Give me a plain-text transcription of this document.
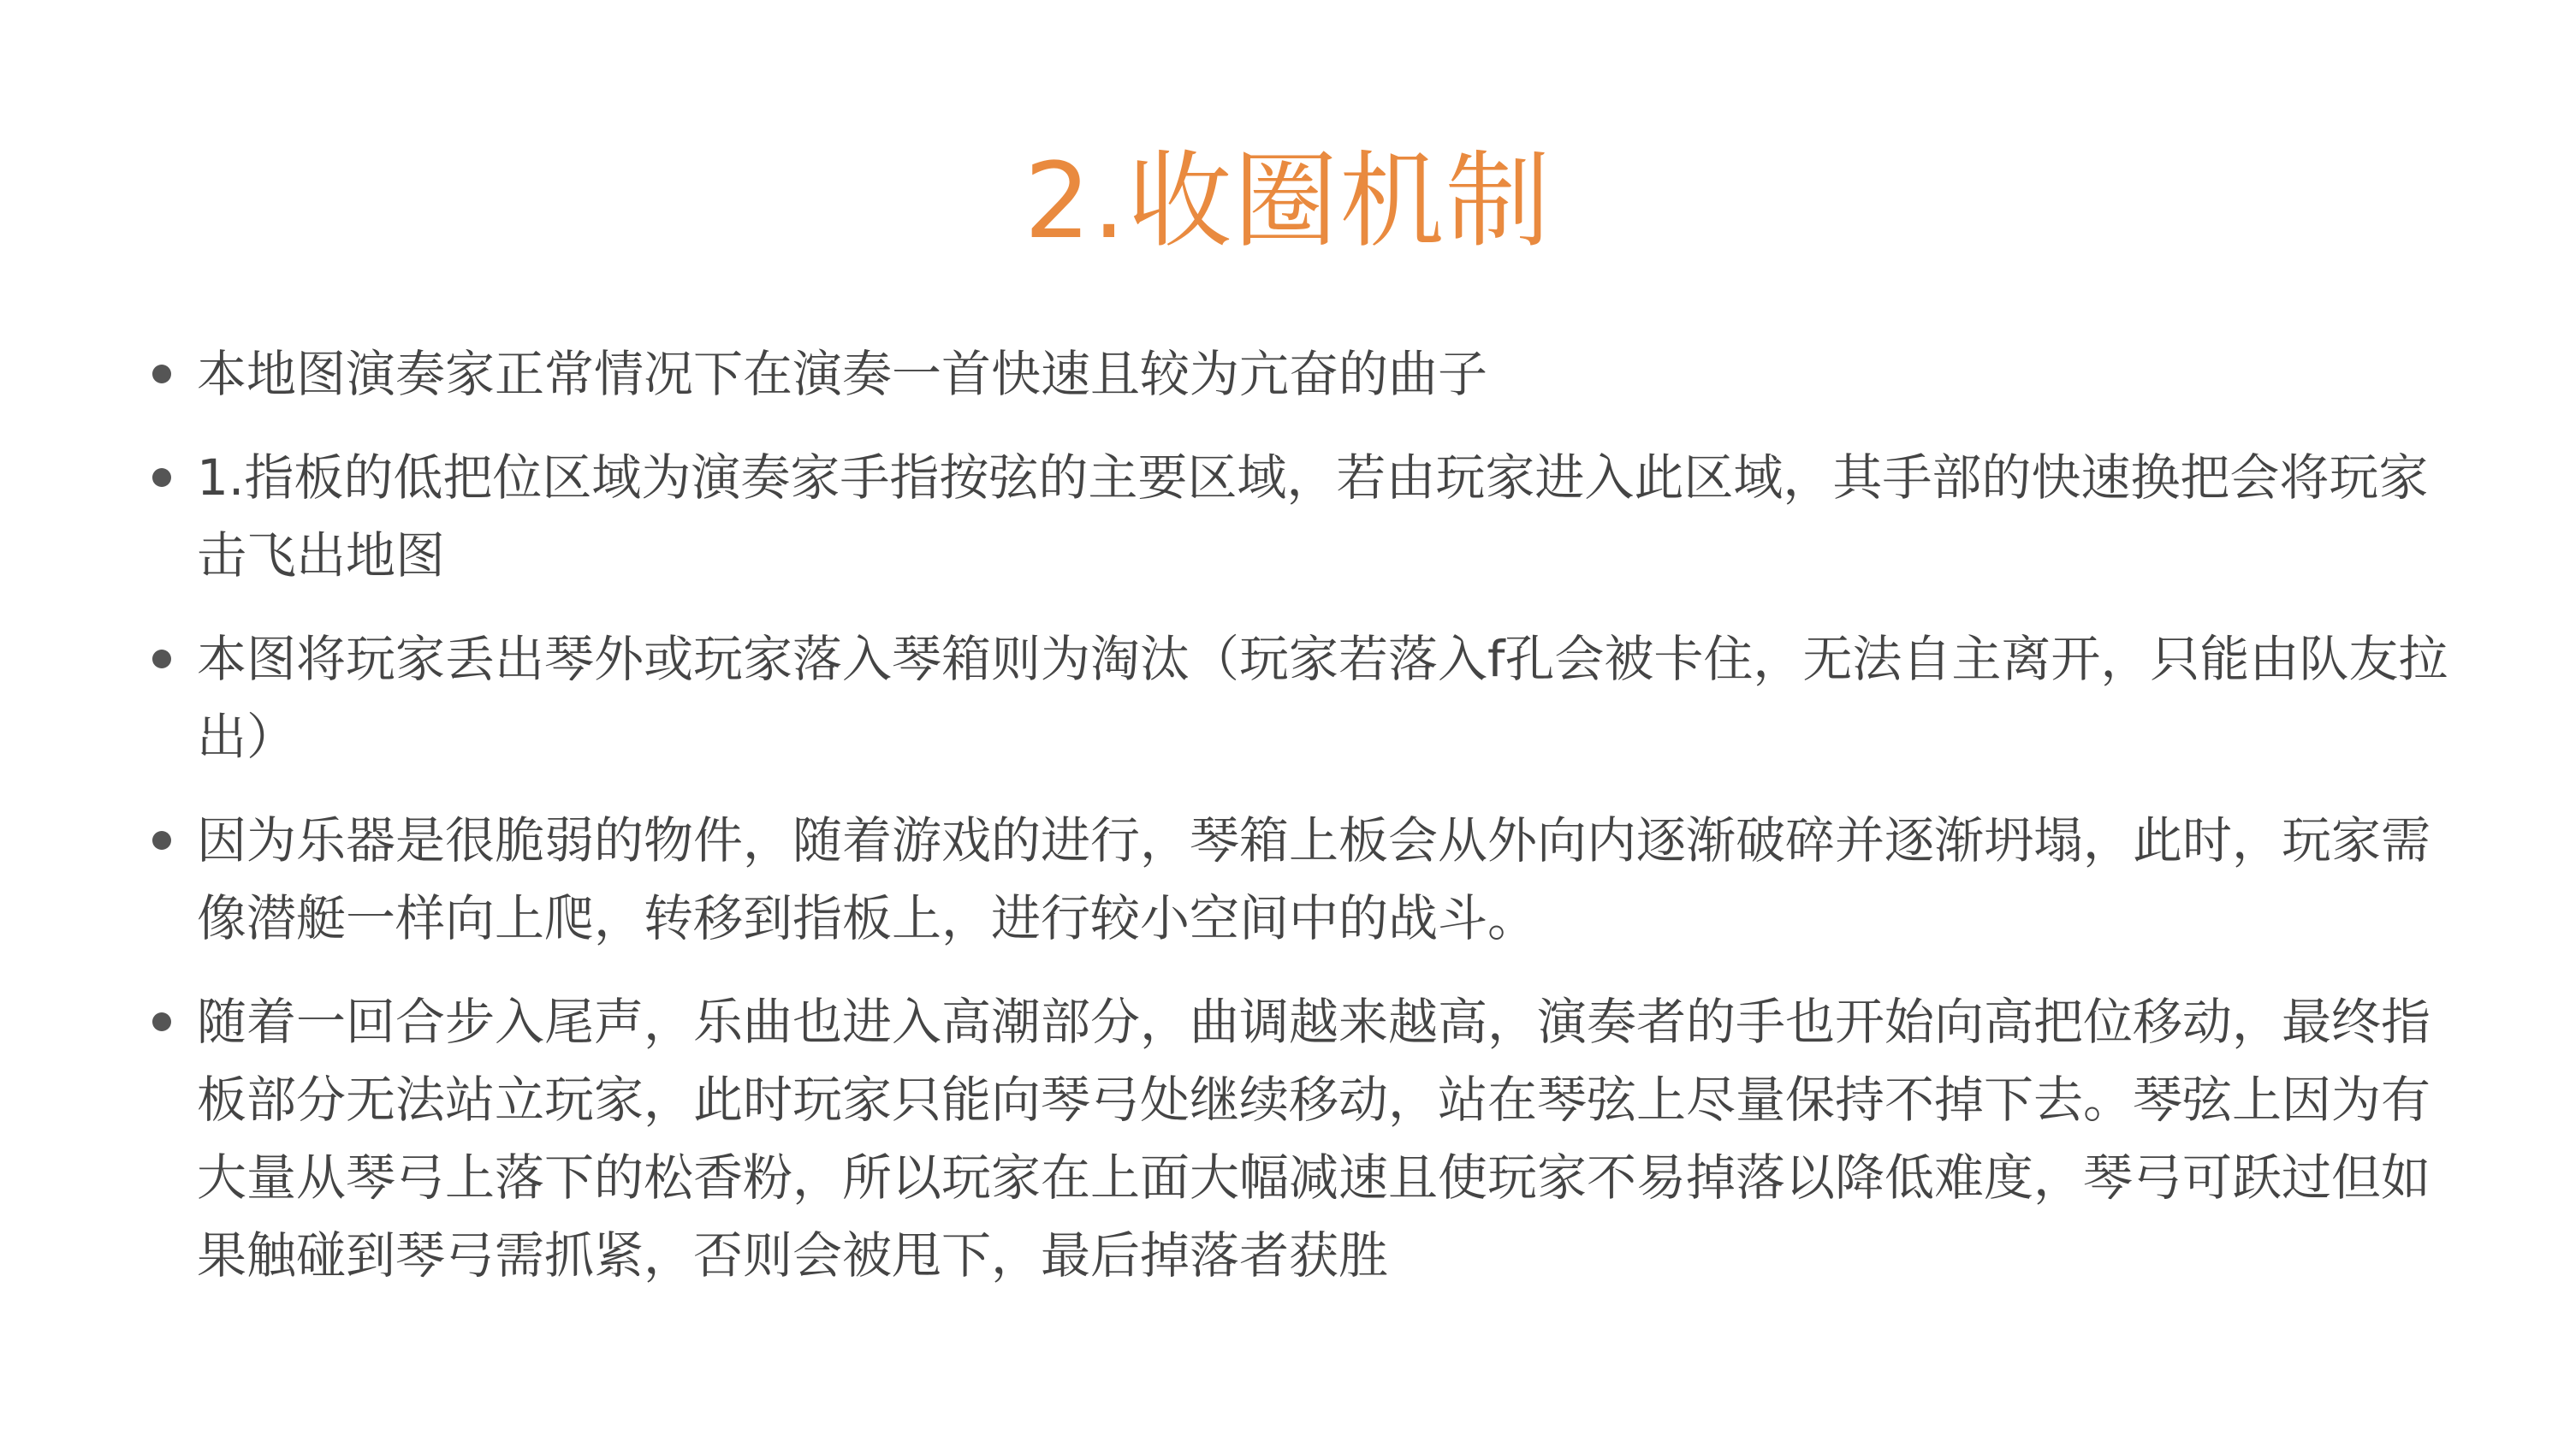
2.收圈机制
本地图演奏家正常情况下在演奏一首快速且较为亢奋的曲子
1.指板的低把位区域为演奏家手指按弦的主要区域，若由玩家进入此区域，其手部的快速换把会将玩家击飞出地图
本图将玩家丢出琴外或玩家落入琴箱则为淘汰（玩家若落入f孔会被卡住，无法自主离开，只能由队友拉出）
因为乐器是很脆弱的物件，随着游戏的进行，琴箱上板会从外向内逐渐破碎并逐渐坍塌，此时，玩家需像潜艇一样向上爬，转移到指板上，进行较小空间中的战斗。
随着一回合步入尾声，乐曲也进入高潮部分，曲调越来越高，演奏者的手也开始向高把位移动，最终指板部分无法站立玩家，此时玩家只能向琴弓处继续移动，站在琴弦上尽量保持不掉下去。琴弦上因为有大量从琴弓上落下的松香粉，所以玩家在上面大幅减速且使玩家不易掉落以降低难度，琴弓可跃过但如果触碰到琴弓需抓紧，否则会被甩下，最后掉落者获胜
